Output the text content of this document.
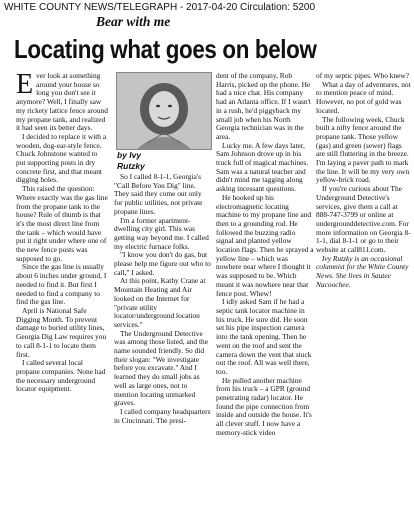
WHITE COUNTY NEWS/TELEGRAPH - 2017-04-20 Circulation: 5200
Bear with me
Locating what goes on below

Ever look at something around your house so long you don't see it anymore? Well, I finally saw my rickety lattice fence around my propane tank, and realized it had seen its better days.

I decided to replace it with a wooden, dog-ear-style fence. Chuck Johnstone wanted to put supporting posts in dry concrete first, and that meant digging holes.

This raised the question: Where exactly was the gas line from the propane tank to the house? Rule of thumb is that it's the most direct line from the tank – which would have put it right under where one of the new fence posts was supposed to go.

Since the gas line is usually about 6 inches under ground, I needed to find it. But first I needed to find a company to find the gas line.

April is National Safe Digging Month. To prevent damage to buried utility lines, Georgia Dig Law requires you to call 8-1-1 to locate them first.

I called several local propane companies. None had the necessary underground locator equipment.

by Ivy
Rutzky

So I called 8-1-1, Georgia's "Call Before You Dig" line. They said they come out only for public utilities, not private propane lines.

I'm a former apartment-dwelling city girl. This was getting way beyond me. I called my electric furnace folks.

"I know you don't do gas, but please help me figure out who to call," I asked.

At this point, Kathy Crane at Mountain Heating and Air looked on the Internet for "private utility locator/underground location services."

The Underground Detective was among those listed, and the name sounded friendly. So did their slogan: "We investigate before you excavate." And I learned they do small jobs as well as large ones, not to mention locating unmarked graves.

I called company headquarters in Cincinnati. The presi-

dent of the company, Rob Harris, picked up the phone. He had a nice chat. His company had an Atlanta office. If I wasn't in a rush, he'd piggyback my small job when his North Georgia technician was in the area.

Lucky me. A few days later, Sam Johnson drove up in his truck full of magical machines. Sam was a natural teacher and didn't mind me tagging along asking incessant questions.

He hooked up his electromagnetic locating machine to my propane line and then to a grounding rod. He followed the buzzing radio signal and planted yellow location flags. Then he sprayed a yellow line – which was nowhere near where I thought it was supposed to be. Which meant it was nowhere near that fence post. Whew!

I idly asked Sam if he had a septic tank locator machine in his truck. He sure did. He soon set his pipe inspection camera into the tank opening. Then he went on the roof and sent the camera down the vent that stuck out the roof. All was well there, too.

He pulled another machine from his truck – a GPR (ground penetrating radar) locator. He found the pipe connection from inside and outside the house. It's all clever stuff. I now have a memory-stick video

of my septic pipes. Who knew?

What a day of adventures, not to mention peace of mind. However, no pot of gold was located.

The following week, Chuck built a nifty fence around the propane tank. Those yellow (gas) and green (sewer) flags are still fluttering in the breeze. I'm laying a paver path to mark the line. It will be my very own yellow-brick road.

If you're curious about The Underground Detective's services, give them a call at 888-747-3799 or online at undergrounddetective.com. For more information on Georgia 8-1-1, dial 8-1-1 or go to their website at call811.com.

Ivy Rutzky is an occasional columnist for the White County News. She lives in Sautee Nacoochee.
